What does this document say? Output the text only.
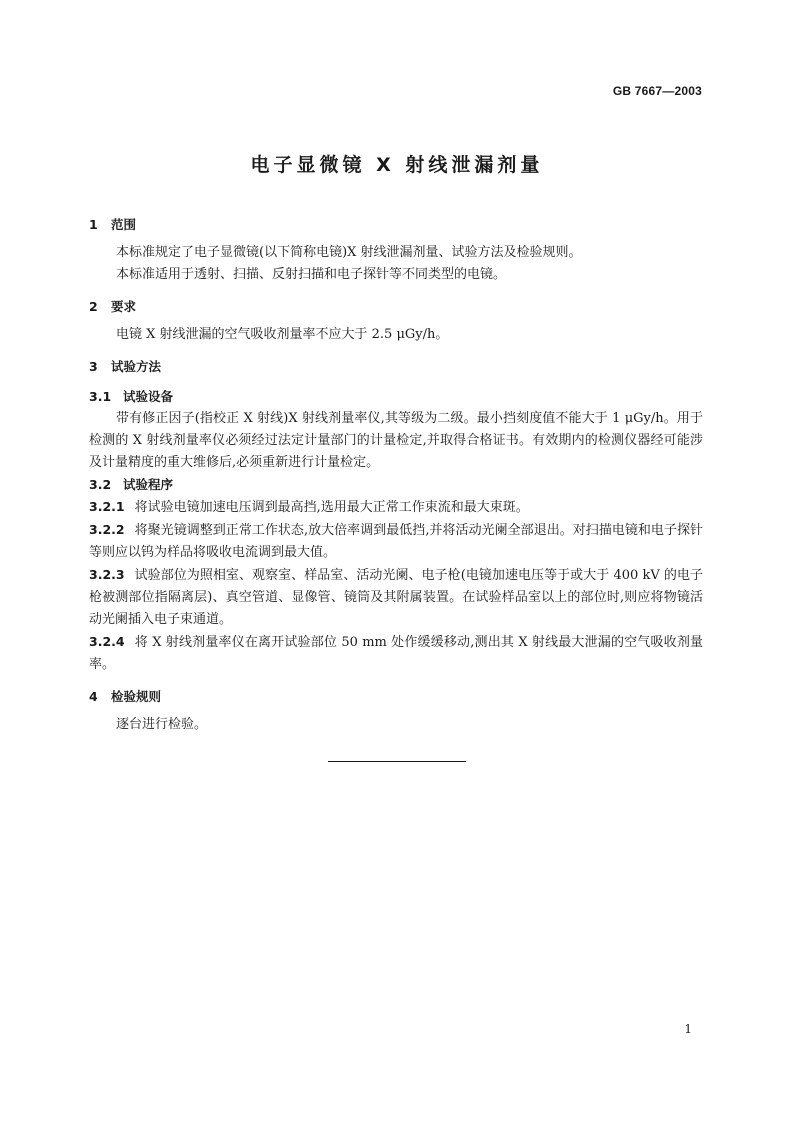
GB 7667—2003
电子显微镜 X 射线泄漏剂量
1 范围
本标准规定了电子显微镜(以下简称电镜)X 射线泄漏剂量、试验方法及检验规则。
本标准适用于透射、扫描、反射扫描和电子探针等不同类型的电镜。
2 要求
电镜 X 射线泄漏的空气吸收剂量率不应大于 2.5 μGy/h。
3 试验方法
3.1 试验设备
带有修正因子(指校正 X 射线)X 射线剂量率仪,其等级为二级。最小挡刻度值不能大于 1 μGy/h。用于检测的 X 射线剂量率仪必须经过法定计量部门的计量检定,并取得合格证书。有效期内的检测仪器经可能涉及计量精度的重大维修后,必须重新进行计量检定。
3.2 试验程序
3.2.1 将试验电镜加速电压调到最高挡,选用最大正常工作束流和最大束斑。
3.2.2 将聚光镜调整到正常工作状态,放大倍率调到最低挡,并将活动光阑全部退出。对扫描电镜和电子探针等则应以钨为样品将吸收电流调到最大值。
3.2.3 试验部位为照相室、观察室、样品室、活动光阑、电子枪(电镜加速电压等于或大于 400 kV 的电子枪被测部位指隔离层)、真空管道、显像管、镜筒及其附属装置。在试验样品室以上的部位时,则应将物镜活动光阑插入电子束通道。
3.2.4 将 X 射线剂量率仪在离开试验部位 50 mm 处作缓缓移动,测出其 X 射线最大泄漏的空气吸收剂量率。
4 检验规则
逐台进行检验。
1
